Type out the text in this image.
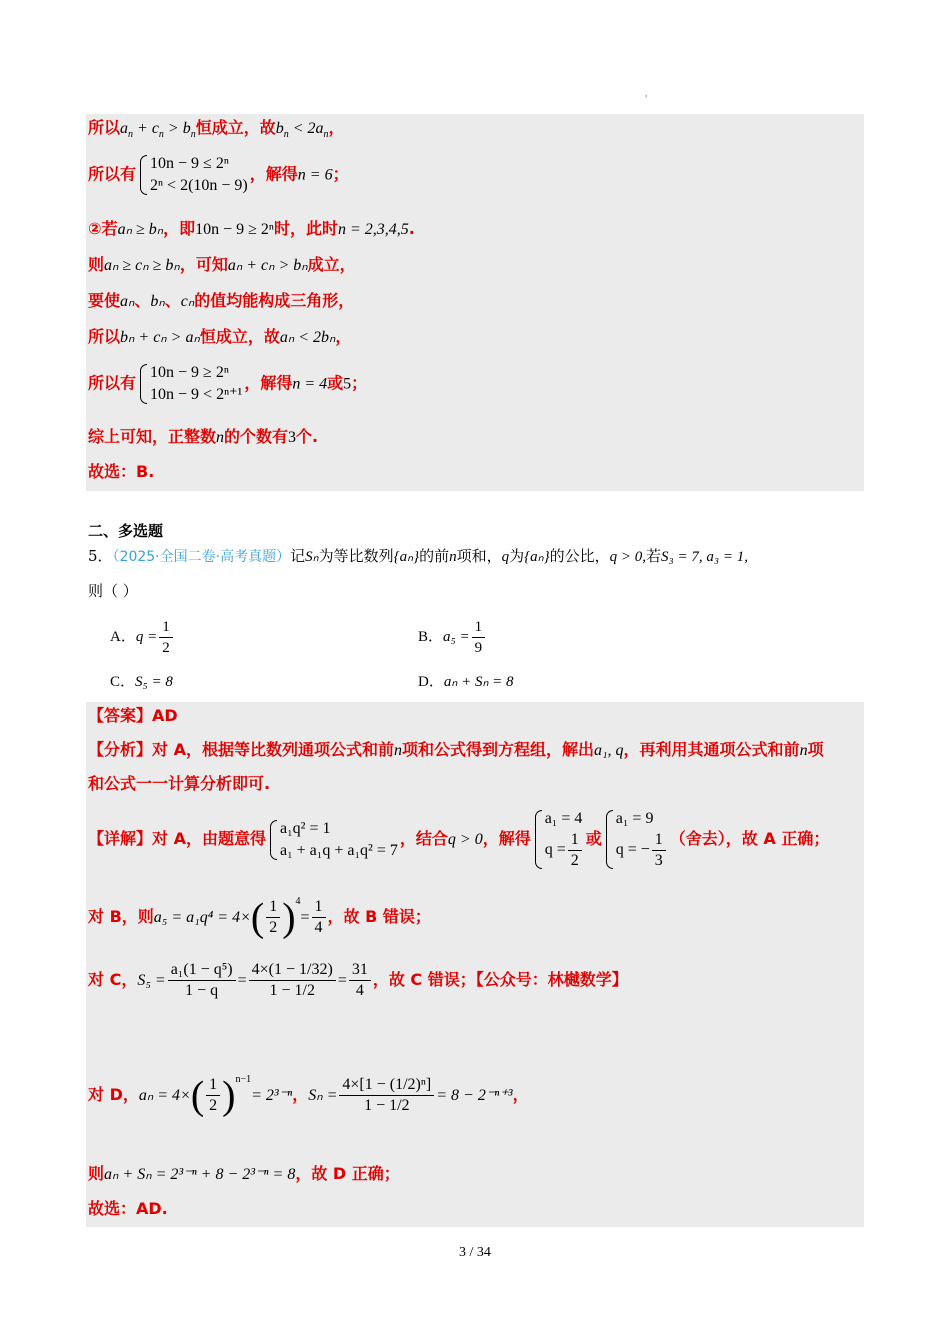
'
所以$a_n + c_n > b_n$恒成立，故$b_n < 2a_n$，
所以有
10n − 9 ≤ 2ⁿ
2ⁿ < 2(10n − 9)
，解得n = 6；
②若aₙ ≥ bₙ，即10n − 9 ≥ 2ⁿ时，此时n = 2,3,4,5.
则aₙ ≥ cₙ ≥ bₙ，可知aₙ + cₙ > bₙ成立，
要使aₙ、bₙ、cₙ的值均能构成三角形，
所以bₙ + cₙ > aₙ恒成立，故aₙ < 2bₙ，
所以有
10n − 9 ≥ 2ⁿ
10n − 9 < 2ⁿ⁺¹
，解得n = 4或5；
综上可知，正整数n的个数有3个.
故选：B.
二、多选题
5．（2025·全国二卷·高考真题）记Sₙ为等比数列{aₙ}的前n项和，q为{aₙ}的公比，q > 0,若S₃ = 7, a₃ = 1,
则（ ）
A．$q = \frac{1}{2}$	B．$a_5 = \frac{1}{9}$
C．S₅ = 8	D．aₙ + Sₙ = 8
【答案】AD
【分析】对 A，根据等比数列通项公式和前n项和公式得到方程组，解出a₁, q，再利用其通项公式和前n项
和公式一一计算分析即可.
【详解】对 A，由题意得
a₁q² = 1
a₁ + a₁q + a₁q² = 7
，结合q > 0，解得
a₁ = 4
$q = \frac{1}{2}$ 或
a₁ = 9
q = − $\frac{1}{3}$ （舍去），故 A 正确；
对 B，则$a_5 = a_1q^4 = 4\times( \frac{1}{2} )^4= \frac{1}{4}$ ，故 B 错误；
对 C，$S_5 = \frac{\text{a₁(1 − q⁵)}}{1 - q} = \frac{4\times(1 - 1/32)}{1 - 1/2} = \frac{31}{4}$ ，故 C 错误；【公众号：林樾数学】
对 D，$a_n = 4\times( \frac{1}{2} )^{n-1}= 2^{3-n}$，$S_n = \frac{\text{4×[1 − (1/2)ⁿ]}}{1 - 1/2} = 8 - 2^{-n+3}$，
则aₙ + Sₙ = 2³⁻ⁿ + 8 − 2³⁻ⁿ = 8，故 D 正确；
故选：AD.
3 / 34
